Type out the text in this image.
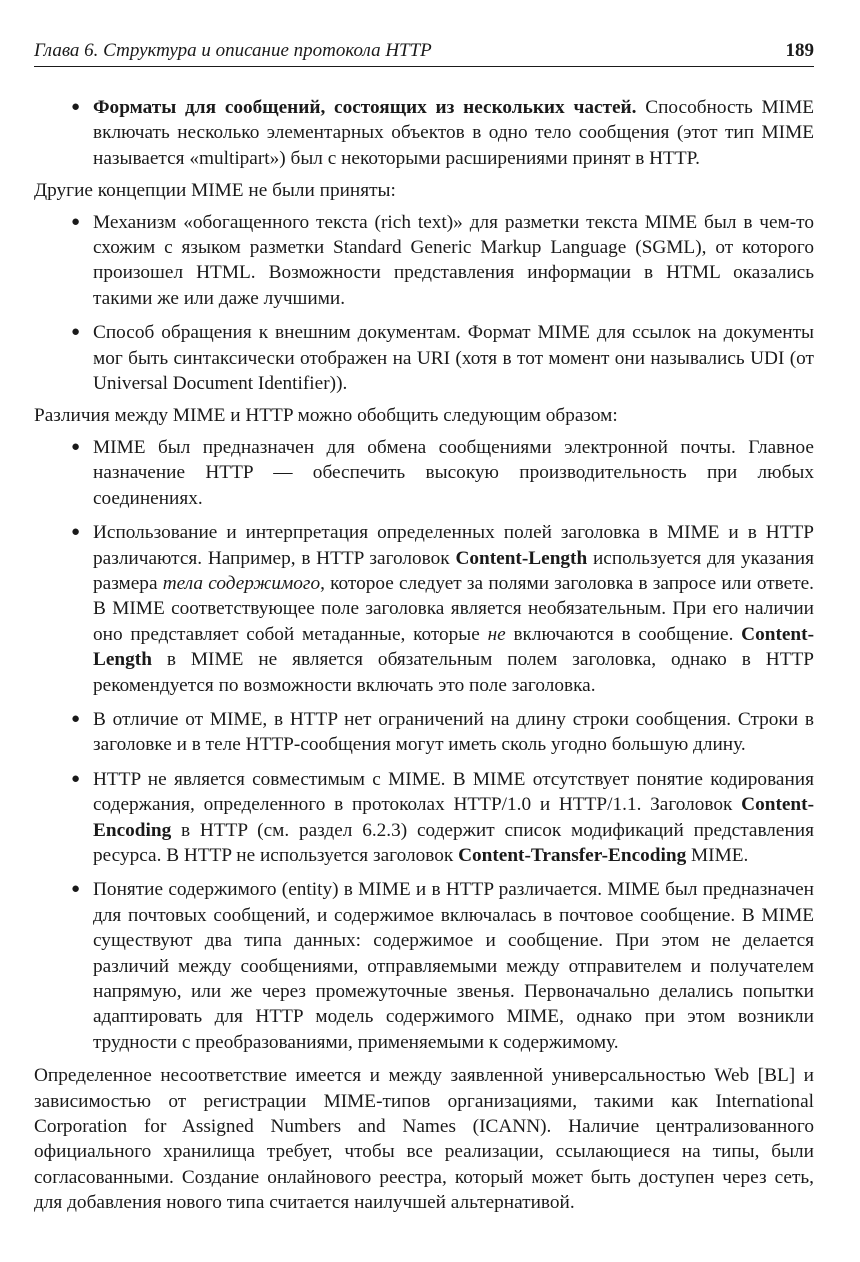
Глава 6. Структура и описание протокола HTTP	189
● Форматы для сообщений, состоящих из нескольких частей. Способность MIME включать несколько элементарных объектов в одно тело сообщения (этот тип MIME называется «multipart») был с некоторыми расширениями принят в HTTP.

Другие концепции MIME не были приняты:

● Механизм «обогащенного текста (rich text)» для разметки текста MIME был в чем-то схожим с языком разметки Standard Generic Markup Language (SGML), от которого произошел HTML. Возможности представления информации в HTML оказались такими же или даже лучшими.
● Способ обращения к внешним документам. Формат MIME для ссылок на документы мог быть синтаксически отображен на URI (хотя в тот момент они назывались UDI (от Universal Document Identifier)).

Различия между MIME и HTTP можно обобщить следующим образом:

● MIME был предназначен для обмена сообщениями электронной почты. Главное назначение HTTP — обеспечить высокую производительность при любых соединениях.
● Использование и интерпретация определенных полей заголовка в MIME и в HTTP различаются. Например, в HTTP заголовок Content-Length используется для указания размера тела содержимого, которое следует за полями заголовка в запросе или ответе. В MIME соответствующее поле заголовка является необязательным. При его наличии оно представляет собой метаданные, которые не включаются в сообщение. Content-Length в MIME не является обязательным полем заголовка, однако в HTTP рекомендуется по возможности включать это поле заголовка.
● В отличие от MIME, в HTTP нет ограничений на длину строки сообщения. Строки в заголовке и в теле HTTP-сообщения могут иметь сколь угодно большую длину.
● HTTP не является совместимым с MIME. В MIME отсутствует понятие кодирования содержания, определенного в протоколах HTTP/1.0 и HTTP/1.1. Заголовок Content-Encoding в HTTP (см. раздел 6.2.3) содержит список модификаций представления ресурса. В HTTP не используется заголовок Content-Transfer-Encoding MIME.
● Понятие содержимого (entity) в MIME и в HTTP различается. MIME был предназначен для почтовых сообщений, и содержимое включалась в почтовое сообщение. В MIME существуют два типа данных: содержимое и сообщение. При этом не делается различий между сообщениями, отправляемыми между отправителем и получателем напрямую, или же через промежуточные звенья. Первоначально делались попытки адаптировать для HTTP модель содержимого MIME, однако при этом возникли трудности с преобразованиями, применяемыми к содержимому.

Определенное несоответствие имеется и между заявленной универсальностью Web [BL] и зависимостью от регистрации MIME-типов организациями, такими как International Corporation for Assigned Numbers and Names (ICANN). Наличие централизованного официального хранилища требует, чтобы все реализации, ссылающиеся на типы, были согласованными. Создание онлайнового реестра, который может быть доступен через сеть, для добавления нового типа считается наилучшей альтернативой.
